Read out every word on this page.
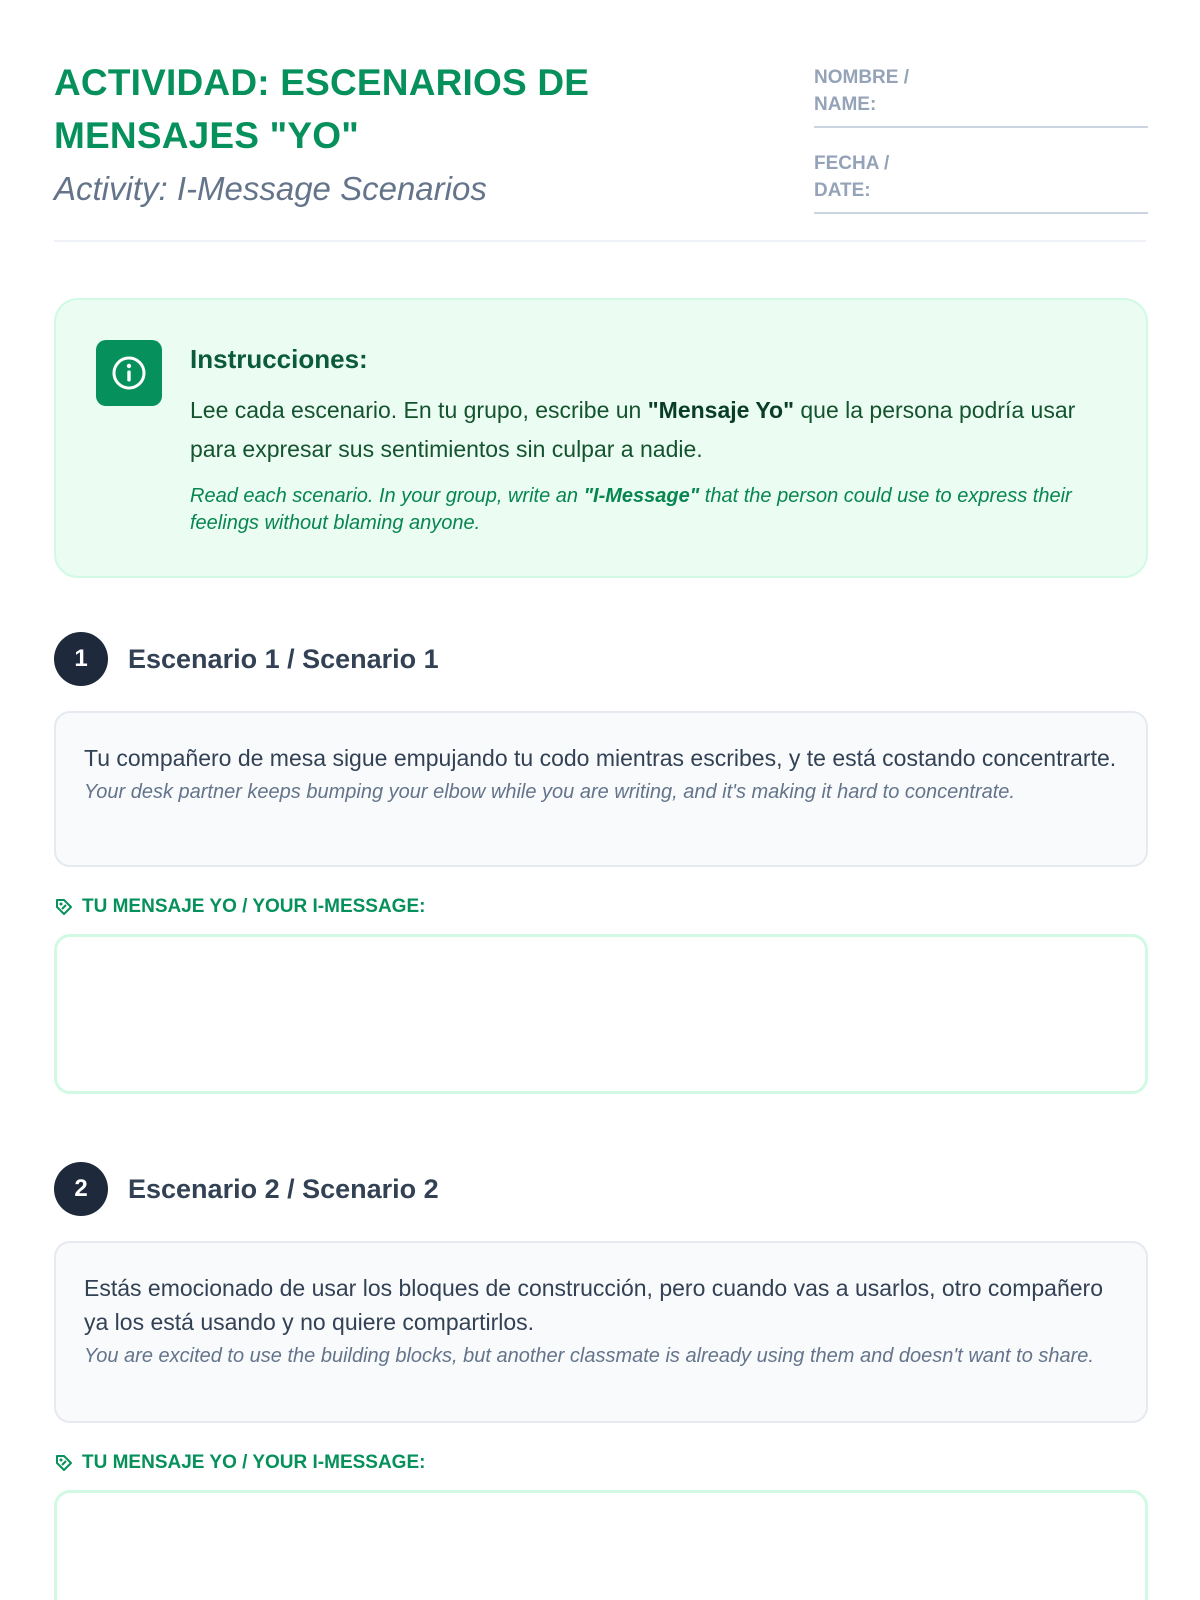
ACTIVIDAD: ESCENARIOS DE MENSAJES "YO"
Activity: I-Message Scenarios
NOMBRE / NAME:
FECHA / DATE:
Instrucciones:

Lee cada escenario. En tu grupo, escribe un "Mensaje Yo" que la persona podría usar para expresar sus sentimientos sin culpar a nadie.

Read each scenario. In your group, write an "I-Message" that the person could use to express their feelings without blaming anyone.

1	Escenario 1 / Scenario 1

Tu compañero de mesa sigue empujando tu codo mientras escribes, y te está costando concentrarte.

Your desk partner keeps bumping your elbow while you are writing, and it's making it hard to concentrate.

TU MENSAJE YO / YOUR I-MESSAGE:
2	Escenario 2 / Scenario 2

Estás emocionado de usar los bloques de construcción, pero cuando vas a usarlos, otro compañero ya los está usando y no quiere compartirlos.

You are excited to use the building blocks, but another classmate is already using them and doesn't want to share.

TU MENSAJE YO / YOUR I-MESSAGE:
